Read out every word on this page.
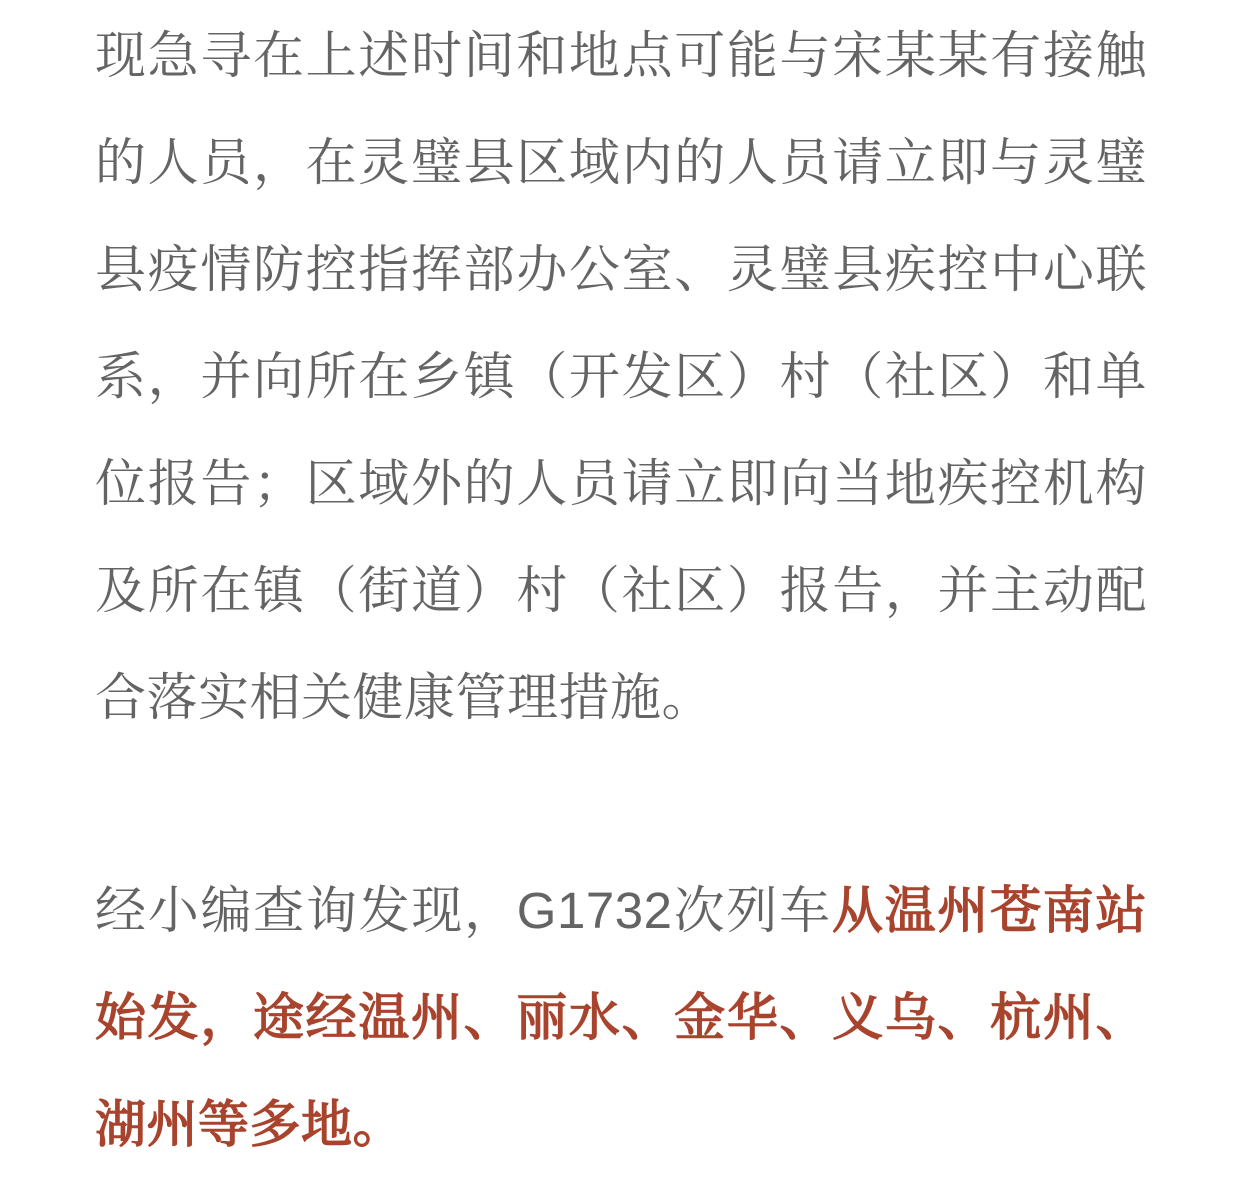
现急寻在上述时间和地点可能与宋某某有接触的人员，在灵璧县区域内的人员请立即与灵璧县疫情防控指挥部办公室、灵璧县疾控中心联系，并向所在乡镇（开发区）村（社区）和单位报告；区域外的人员请立即向当地疾控机构及所在镇（街道）村（社区）报告，并主动配合落实相关健康管理措施。

经小编查询发现，G1732次列车从温州苍南站始发，途经温州、丽水、金华、义乌、杭州、湖州等多地。
